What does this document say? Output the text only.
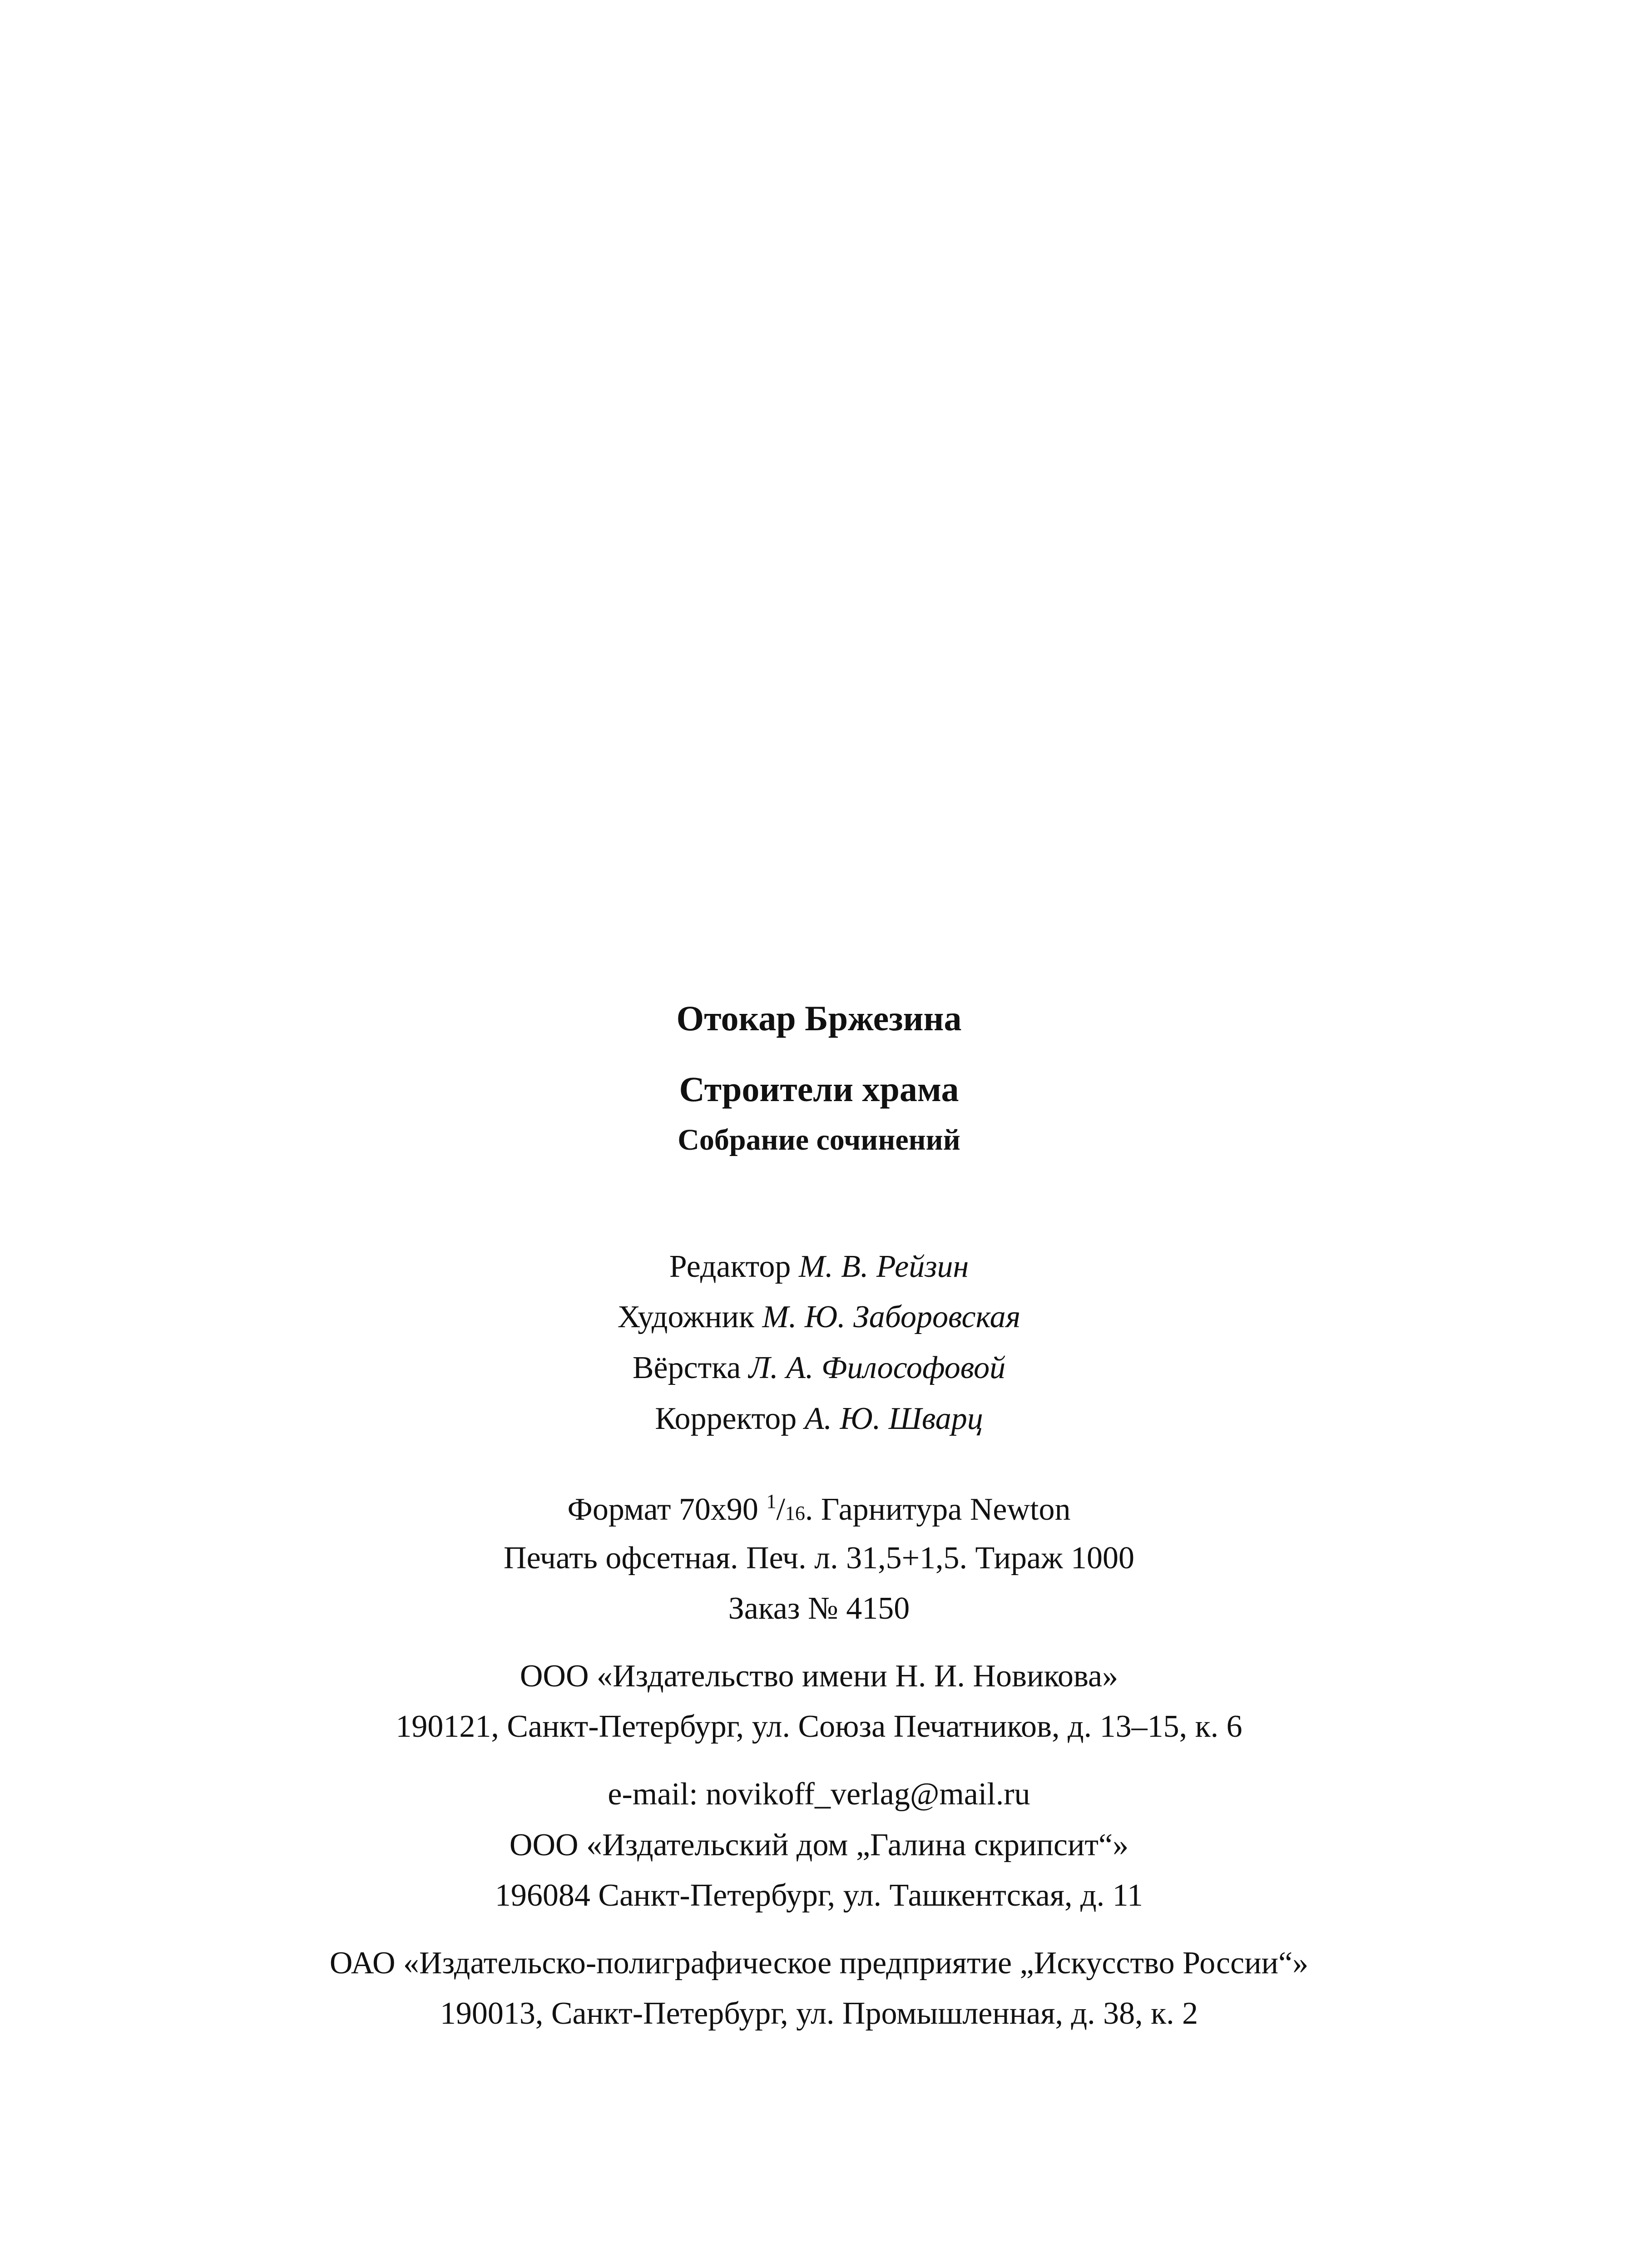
Отокар Бржезина
Строители храма
Собрание сочинений
Редактор М. В. Рейзин
Художник М. Ю. Заборовская
Вёрстка Л. А. Философовой
Корректор А. Ю. Шварц
Формат 70x90 $^1$/16. Гарнитура Newton
Печать офсетная. Печ. л. 31,5+1,5. Тираж 1000
Заказ № 4150
ООО «Издательство имени Н. И. Новикова»
190121, Санкт-Петербург, ул. Союза Печатников, д. 13–15, к. 6
e-mail: novikoff_verlag@mail.ru
ООО «Издательский дом „Галина скрипсит“»
196084 Санкт-Петербург, ул. Ташкентская, д. 11
ОАО «Издательско-полиграфическое предприятие „Искусство России“»
190013, Санкт-Петербург, ул. Промышленная, д. 38, к. 2
